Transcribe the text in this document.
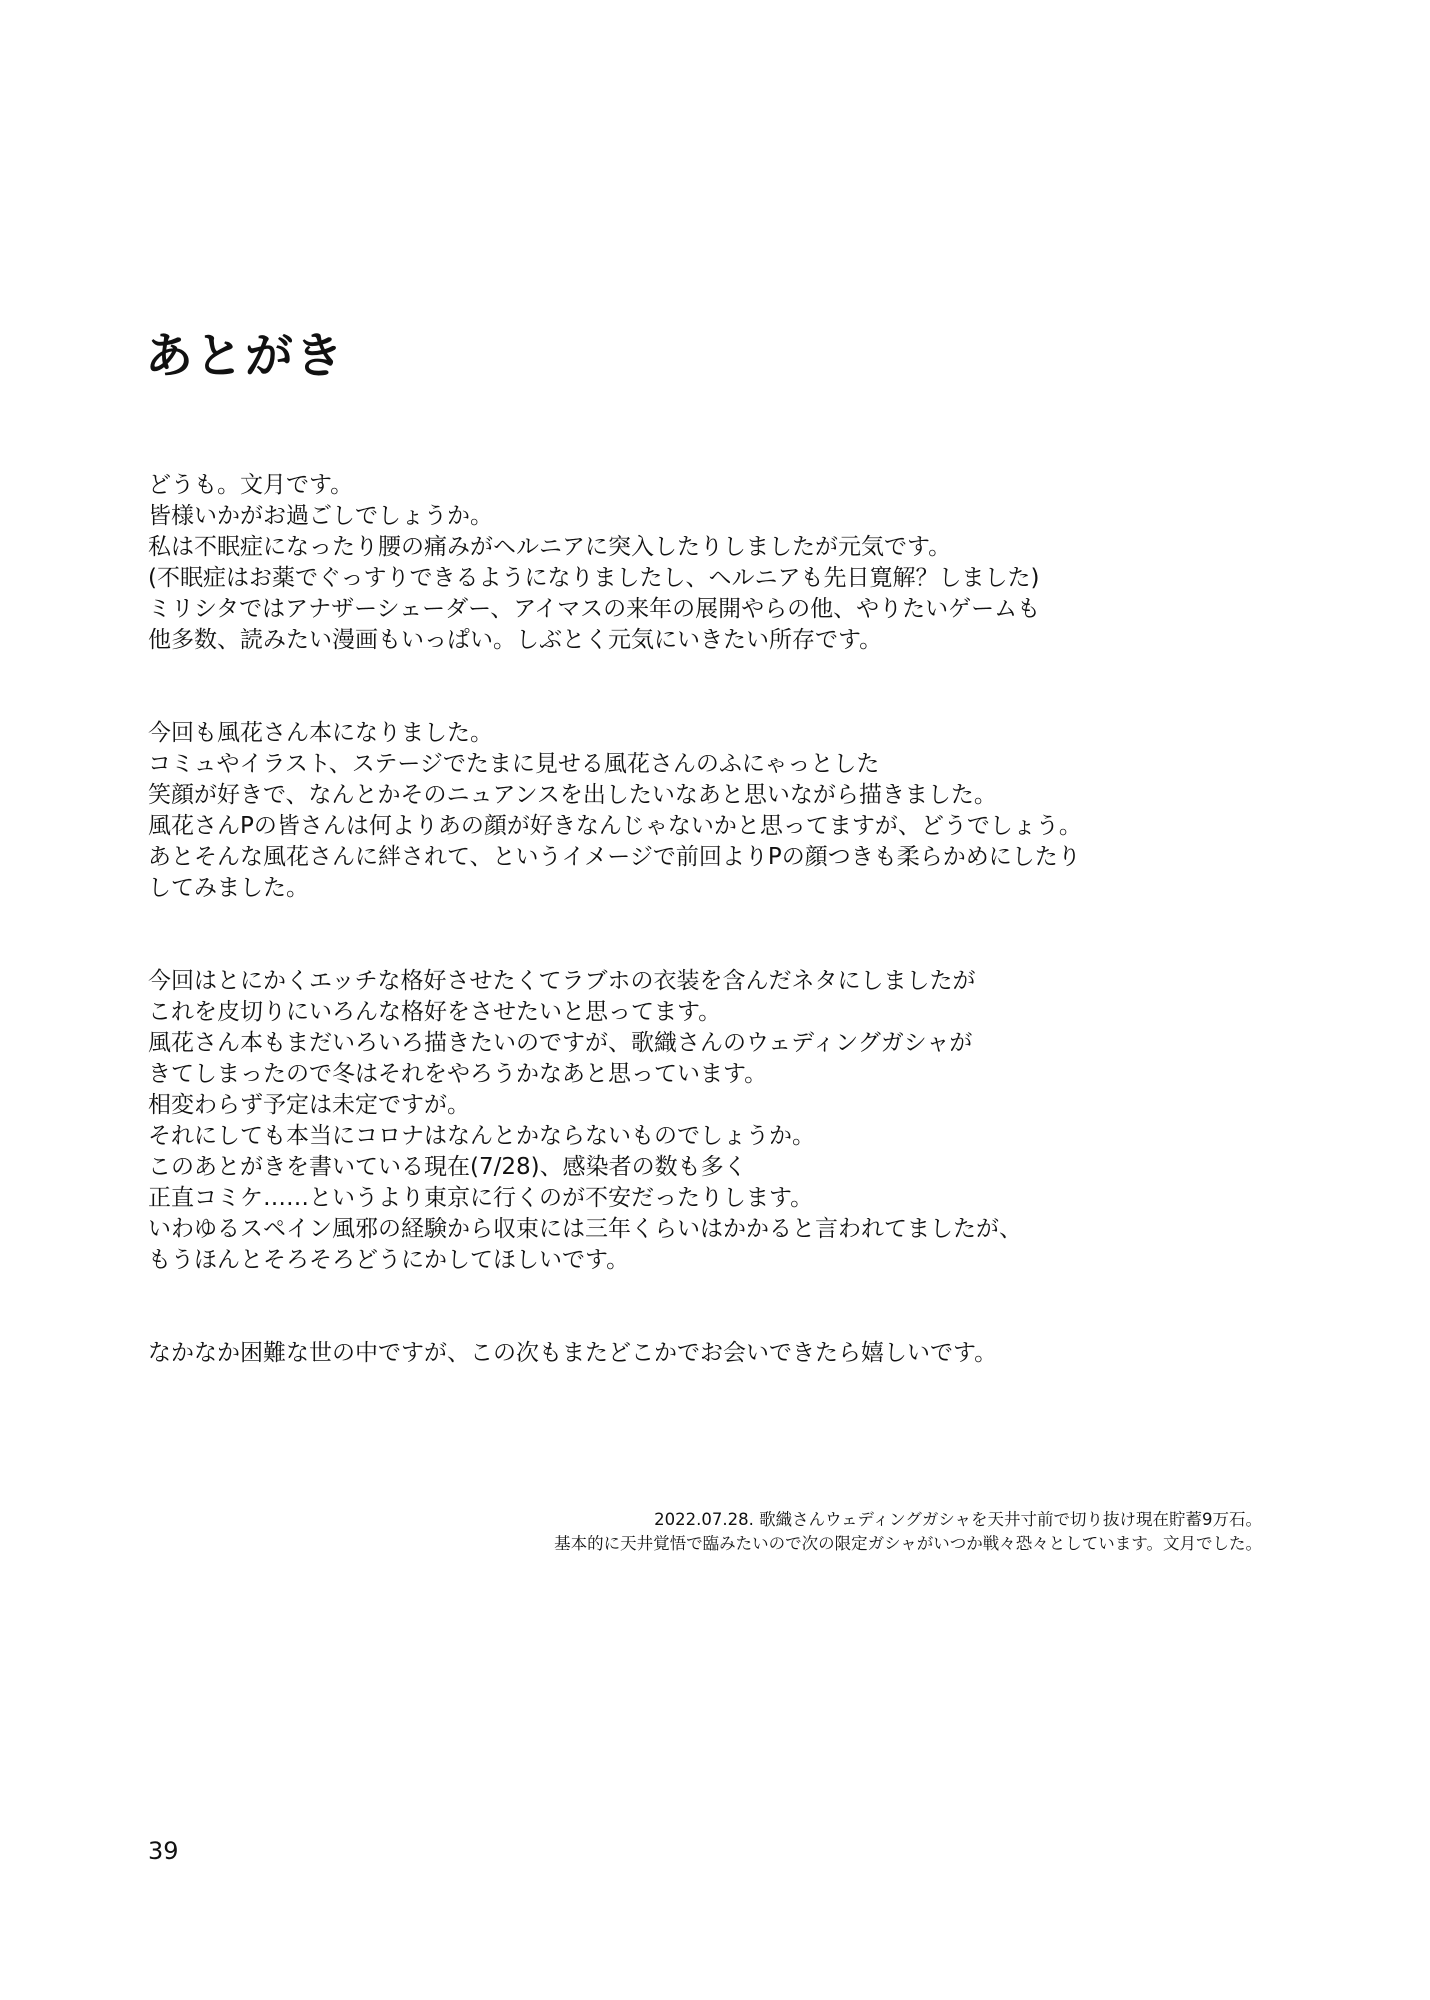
あとがき

どうも。文月です。
皆様いかがお過ごしでしょうか。
私は不眠症になったり腰の痛みがヘルニアに突入したりしましたが元気です。
(不眠症はお薬でぐっすりできるようになりましたし、ヘルニアも先日寛解？しました)
ミリシタではアナザーシェーダー、アイマスの来年の展開やらの他、やりたいゲームも
他多数、読みたい漫画もいっぱい。しぶとく元気にいきたい所存です。

今回も風花さん本になりました。
コミュやイラスト、ステージでたまに見せる風花さんのふにゃっとした
笑顔が好きで、なんとかそのニュアンスを出したいなあと思いながら描きました。
風花さんPの皆さんは何よりあの顔が好きなんじゃないかと思ってますが、どうでしょう。
あとそんな風花さんに絆されて、というイメージで前回よりPの顔つきも柔らかめにしたり
してみました。

今回はとにかくエッチな格好させたくてラブホの衣装を含んだネタにしましたが
これを皮切りにいろんな格好をさせたいと思ってます。
風花さん本もまだいろいろ描きたいのですが、歌織さんのウェディングガシャが
きてしまったので冬はそれをやろうかなあと思っています。
相変わらず予定は未定ですが。
それにしても本当にコロナはなんとかならないものでしょうか。
このあとがきを書いている現在(7/28)、感染者の数も多く
正直コミケ……というより東京に行くのが不安だったりします。
いわゆるスペイン風邪の経験から収束には三年くらいはかかると言われてましたが、
もうほんとそろそろどうにかしてほしいです。

なかなか困難な世の中ですが、この次もまたどこかでお会いできたら嬉しいです。

2022.07.28. 歌織さんウェディングガシャを天井寸前で切り抜け現在貯蓄9万石。
基本的に天井覚悟で臨みたいので次の限定ガシャがいつか戦々恐々としています。文月でした。
39
